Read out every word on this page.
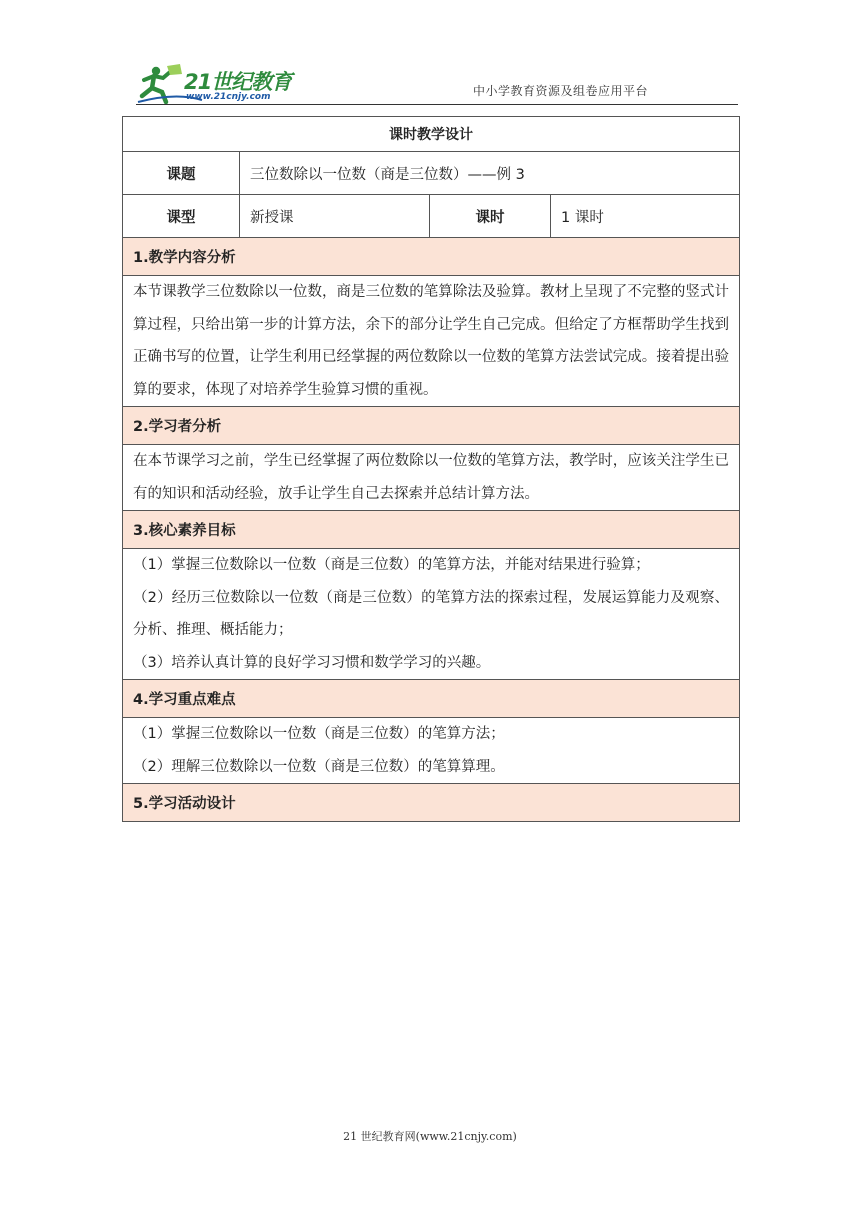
21世纪教育
www.21cnjy.com	中小学教育资源及组卷应用平台
课时教学设计			
课题	三位数除以一位数（商是三位数）——例 3		
课型	新授课	课时	1 课时
1.教学内容分析			

本节课教学三位数除以一位数，商是三位数的笔算除法及验算。教材上呈现了不完整的竖式计算过程，只给出第一步的计算方法，余下的部分让学生自己完成。但给定了方框帮助学生找到正确书写的位置，让学生利用已经掌握的两位数除以一位数的笔算方法尝试完成。接着提出验算的要求，体现了对培养学生验算习惯的重视。			

2.学习者分析			

在本节课学习之前，学生已经掌握了两位数除以一位数的笔算方法，教学时，应该关注学生已有的知识和活动经验，放手让学生自己去探索并总结计算方法。			

3.核心素养目标			

（1）掌握三位数除以一位数（商是三位数）的笔算方法，并能对结果进行验算；

（2）经历三位数除以一位数（商是三位数）的笔算方法的探索过程，发展运算能力及观察、分析、推理、概括能力；

（3）培养认真计算的良好学习习惯和数学学习的兴趣。			

4.学习重点难点			

（1）掌握三位数除以一位数（商是三位数）的笔算方法；

（2）理解三位数除以一位数（商是三位数）的笔算算理。			

5.学习活动设计			
21 世纪教育网(www.21cnjy.com)
